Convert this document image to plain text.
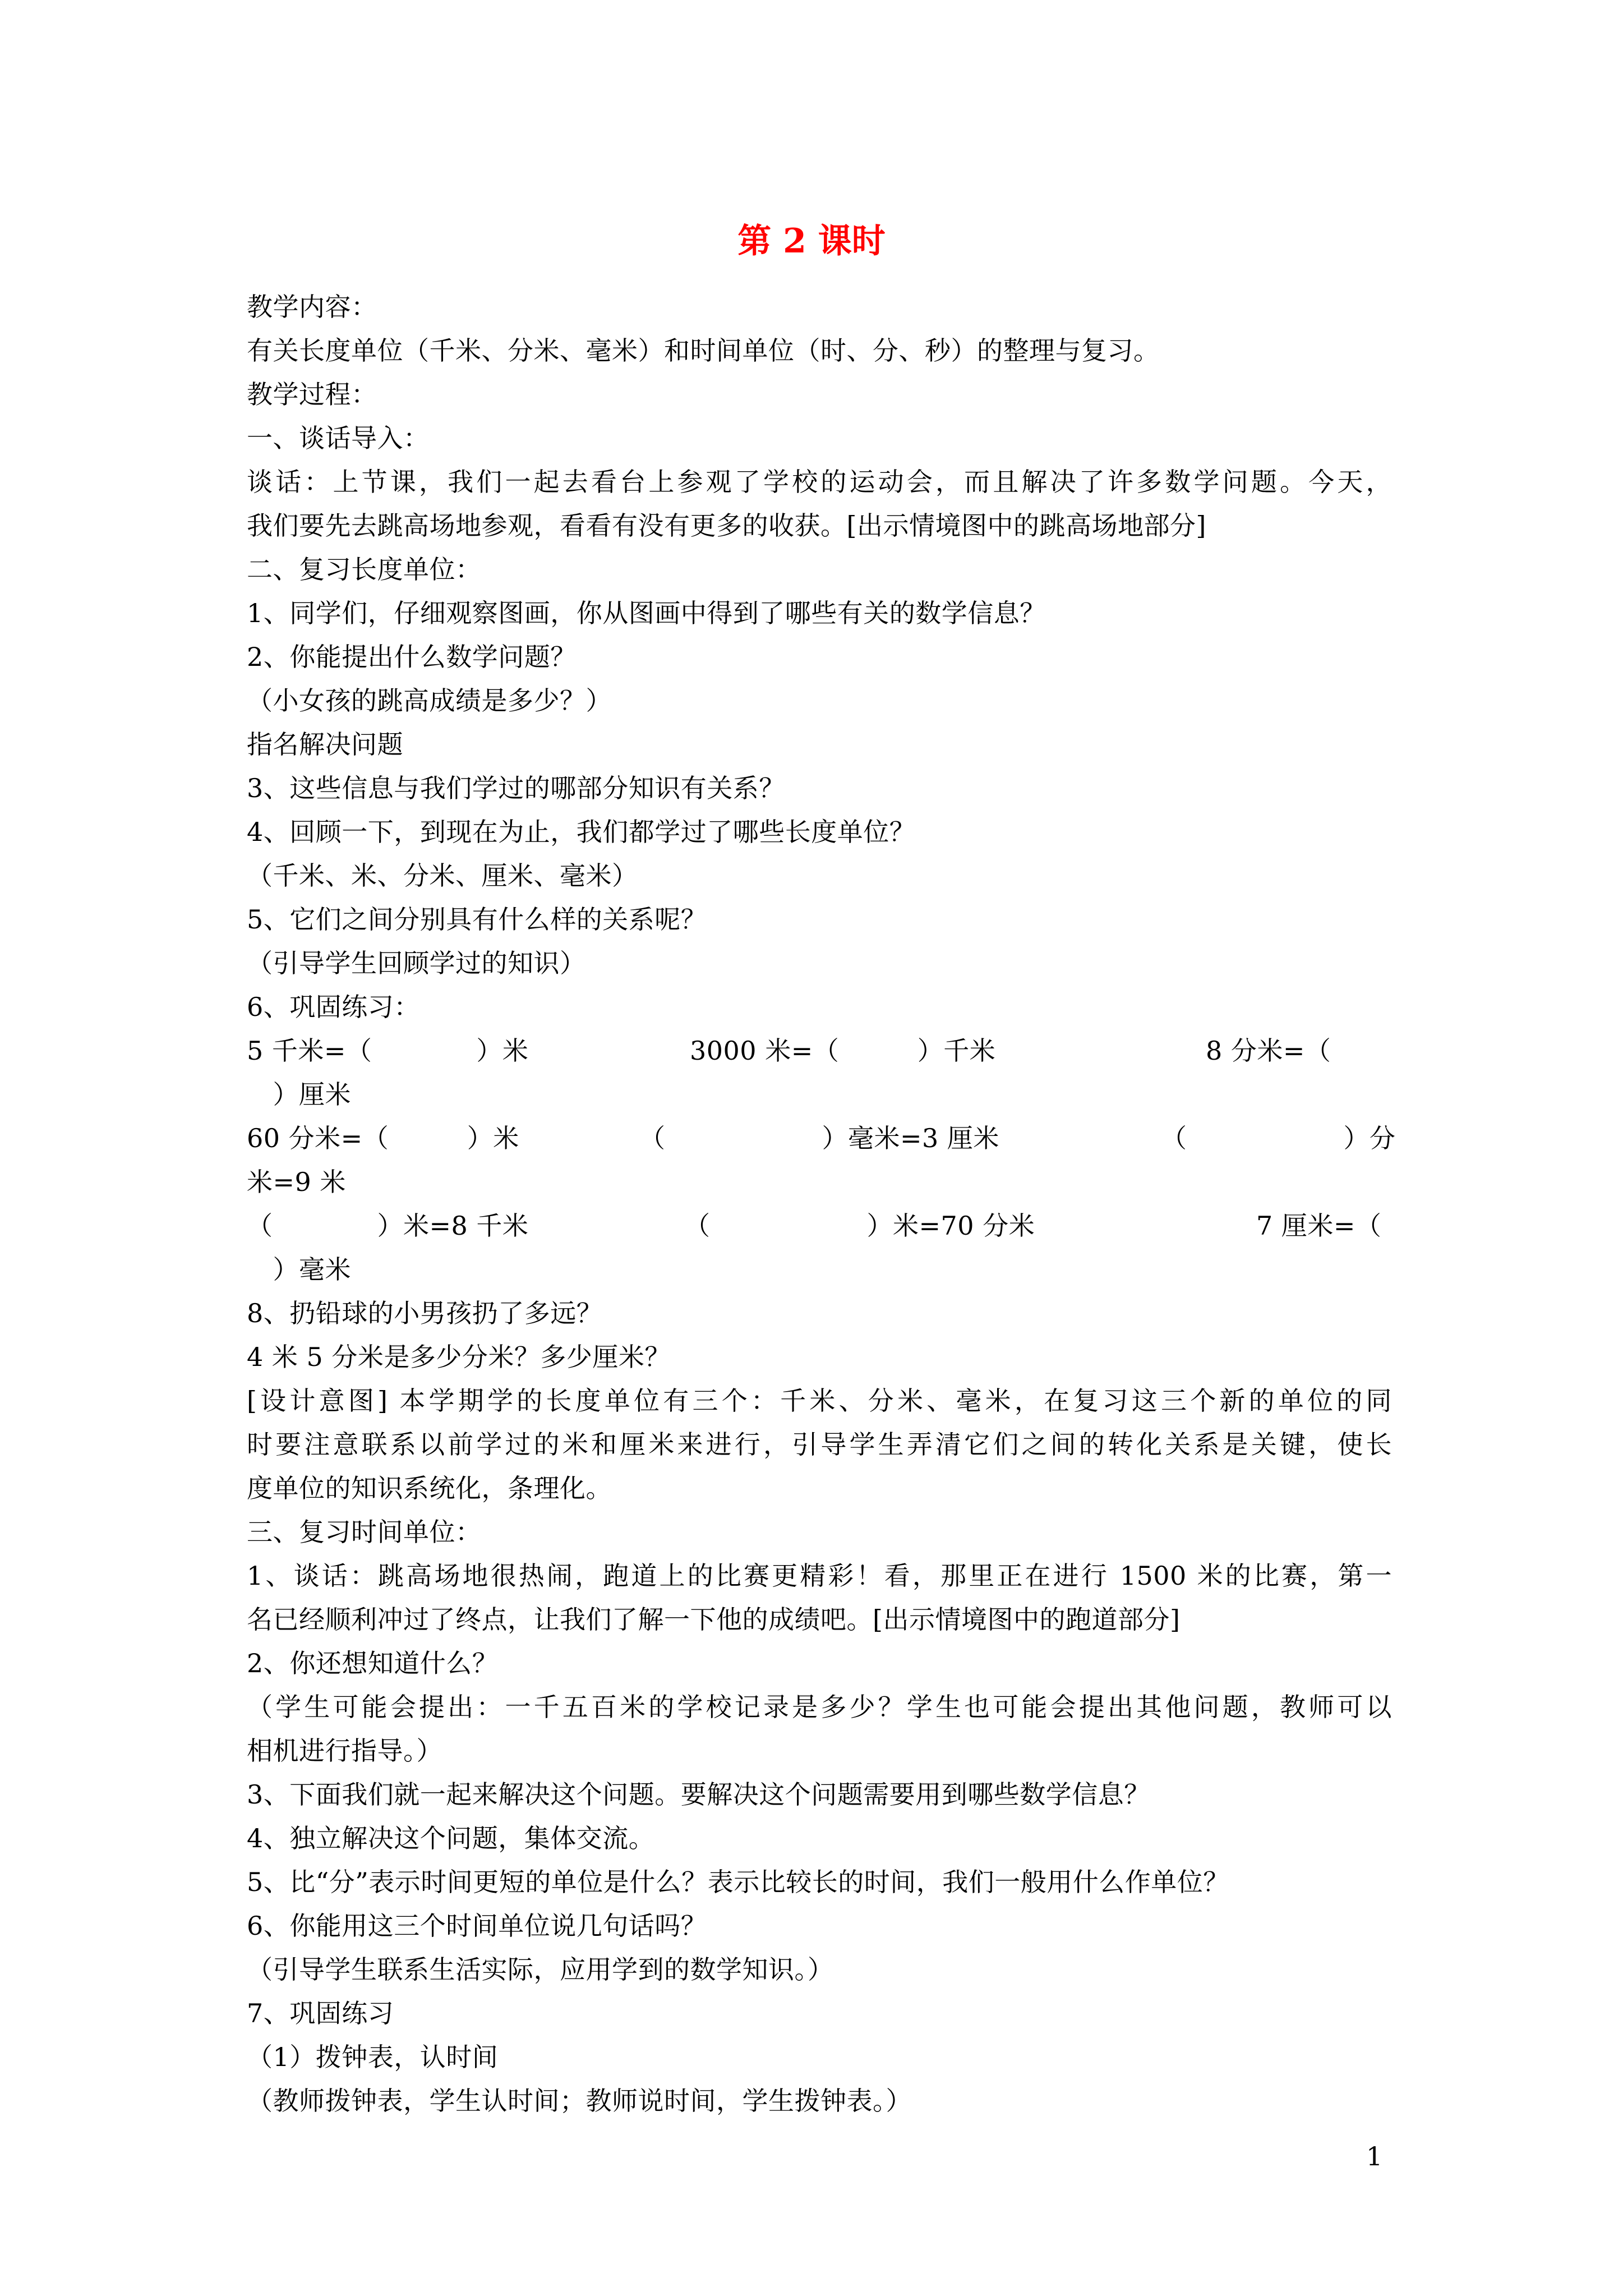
第 2 课时
教学内容：
有关长度单位（千米、分米、毫米）和时间单位（时、分、秒）的整理与复习。
教学过程：
一、谈话导入：
谈话：上节课，我们一起去看台上参观了学校的运动会，而且解决了许多数学问题。今天，
我们要先去跳高场地参观，看看有没有更多的收获。[出示情境图中的跳高场地部分]
二、复习长度单位：
1、同学们，仔细观察图画，你从图画中得到了哪些有关的数学信息？
2、你能提出什么数学问题？
（小女孩的跳高成绩是多少？）
指名解决问题
3、这些信息与我们学过的哪部分知识有关系？
4、回顾一下，到现在为止，我们都学过了哪些长度单位？
（千米、米、分米、厘米、毫米）
5、它们之间分别具有什么样的关系呢？
（引导学生回顾学过的知识）
6、巩固练习：
5 千米=（　　　　）米	3000 米=（　　　）千米	8 分米=（
　）厘米
60 分米=（　　　）米	（　　　　　　）毫米=3 厘米	（　　　　　　）分
米=9 米
（　　　　）米=8 千米	（　　　　　　）米=70 分米	7 厘米=（
　）毫米
8、扔铅球的小男孩扔了多远？
4 米 5 分米是多少分米？多少厘米？
[设计意图] 本学期学的长度单位有三个：千米、分米、毫米，在复习这三个新的单位的同
时要注意联系以前学过的米和厘米来进行，引导学生弄清它们之间的转化关系是关键，使长
度单位的知识系统化，条理化。
三、复习时间单位：
1、谈话：跳高场地很热闹，跑道上的比赛更精彩！看，那里正在进行 1500 米的比赛，第一
名已经顺利冲过了终点，让我们了解一下他的成绩吧。[出示情境图中的跑道部分]
2、你还想知道什么？
（学生可能会提出：一千五百米的学校记录是多少？学生也可能会提出其他问题，教师可以
相机进行指导。）
3、下面我们就一起来解决这个问题。要解决这个问题需要用到哪些数学信息？
4、独立解决这个问题，集体交流。
5、比“分”表示时间更短的单位是什么？表示比较长的时间，我们一般用什么作单位？
6、你能用这三个时间单位说几句话吗？
（引导学生联系生活实际，应用学到的数学知识。）
7、巩固练习
（1）拨钟表，认时间
（教师拨钟表，学生认时间；教师说时间，学生拨钟表。）
1
